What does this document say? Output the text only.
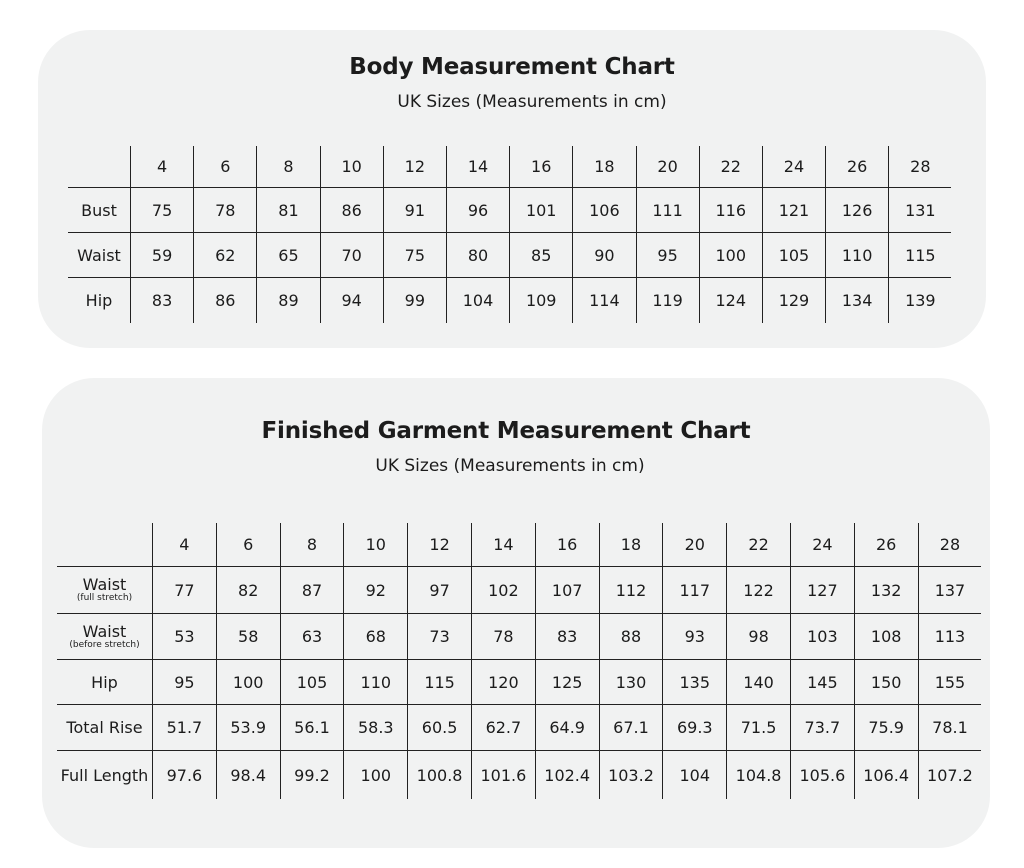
Body Measurement Chart
UK Sizes (Measurements in cm)
4	6	8	10	12	14	16	18	20	22	24	26	28
Bust	75	78	81	86	91	96	101	106	111	116	121	126	131
Waist	59	62	65	70	75	80	85	90	95	100	105	110	115
Hip	83	86	89	94	99	104	109	114	119	124	129	134	139
Finished Garment Measurement Chart
UK Sizes (Measurements in cm)
4	6	8	10	12	14	16	18	20	22	24	26	28
Waist
(full stretch)	77	82	87	92	97	102	107	112	117	122	127	132	137
Waist
(before stretch)	53	58	63	68	73	78	83	88	93	98	103	108	113
Hip	95	100	105	110	115	120	125	130	135	140	145	150	155
Total Rise	51.7	53.9	56.1	58.3	60.5	62.7	64.9	67.1	69.3	71.5	73.7	75.9	78.1
Full Length	97.6	98.4	99.2	100	100.8	101.6	102.4	103.2	104	104.8	105.6	106.4	107.2
